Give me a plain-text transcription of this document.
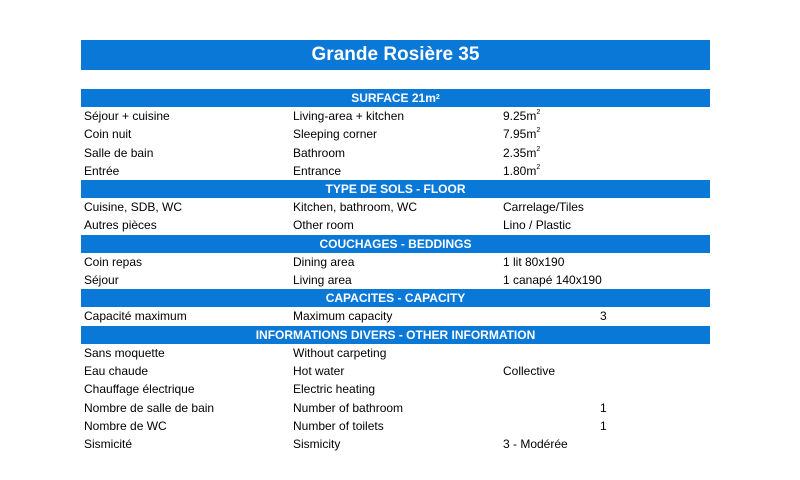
Grande Rosière 35
SURFACE 21m 2
Séjour + cuisine	Living-area + kitchen	$9.25m^2$
Coin nuit	Sleeping corner	$7.95m^2$
Salle de bain	Bathroom	$2.35m^2$
Entrée	Entrance	$1.80m^2$
TYPE DE SOLS - FLOOR
Cuisine, SDB, WC	Kitchen, bathroom, WC	Carrelage/Tiles
Autres pièces	Other room	Lino / Plastic
COUCHAGES - BEDDINGS
Coin repas	Dining area	1 lit 80x190
Séjour	Living area	1 canapé 140x190
CAPACITES - CAPACITY
Capacité maximum	Maximum capacity	3
INFORMATIONS DIVERS - OTHER INFORMATION
Sans moquette	Without carpeting
Eau chaude	Hot water	Collective
Chauffage électrique	Electric heating
Nombre de salle de bain	Number of bathroom	1
Nombre de WC	Number of toilets	1
Sismicité	Sismicity	3 - Modérée
